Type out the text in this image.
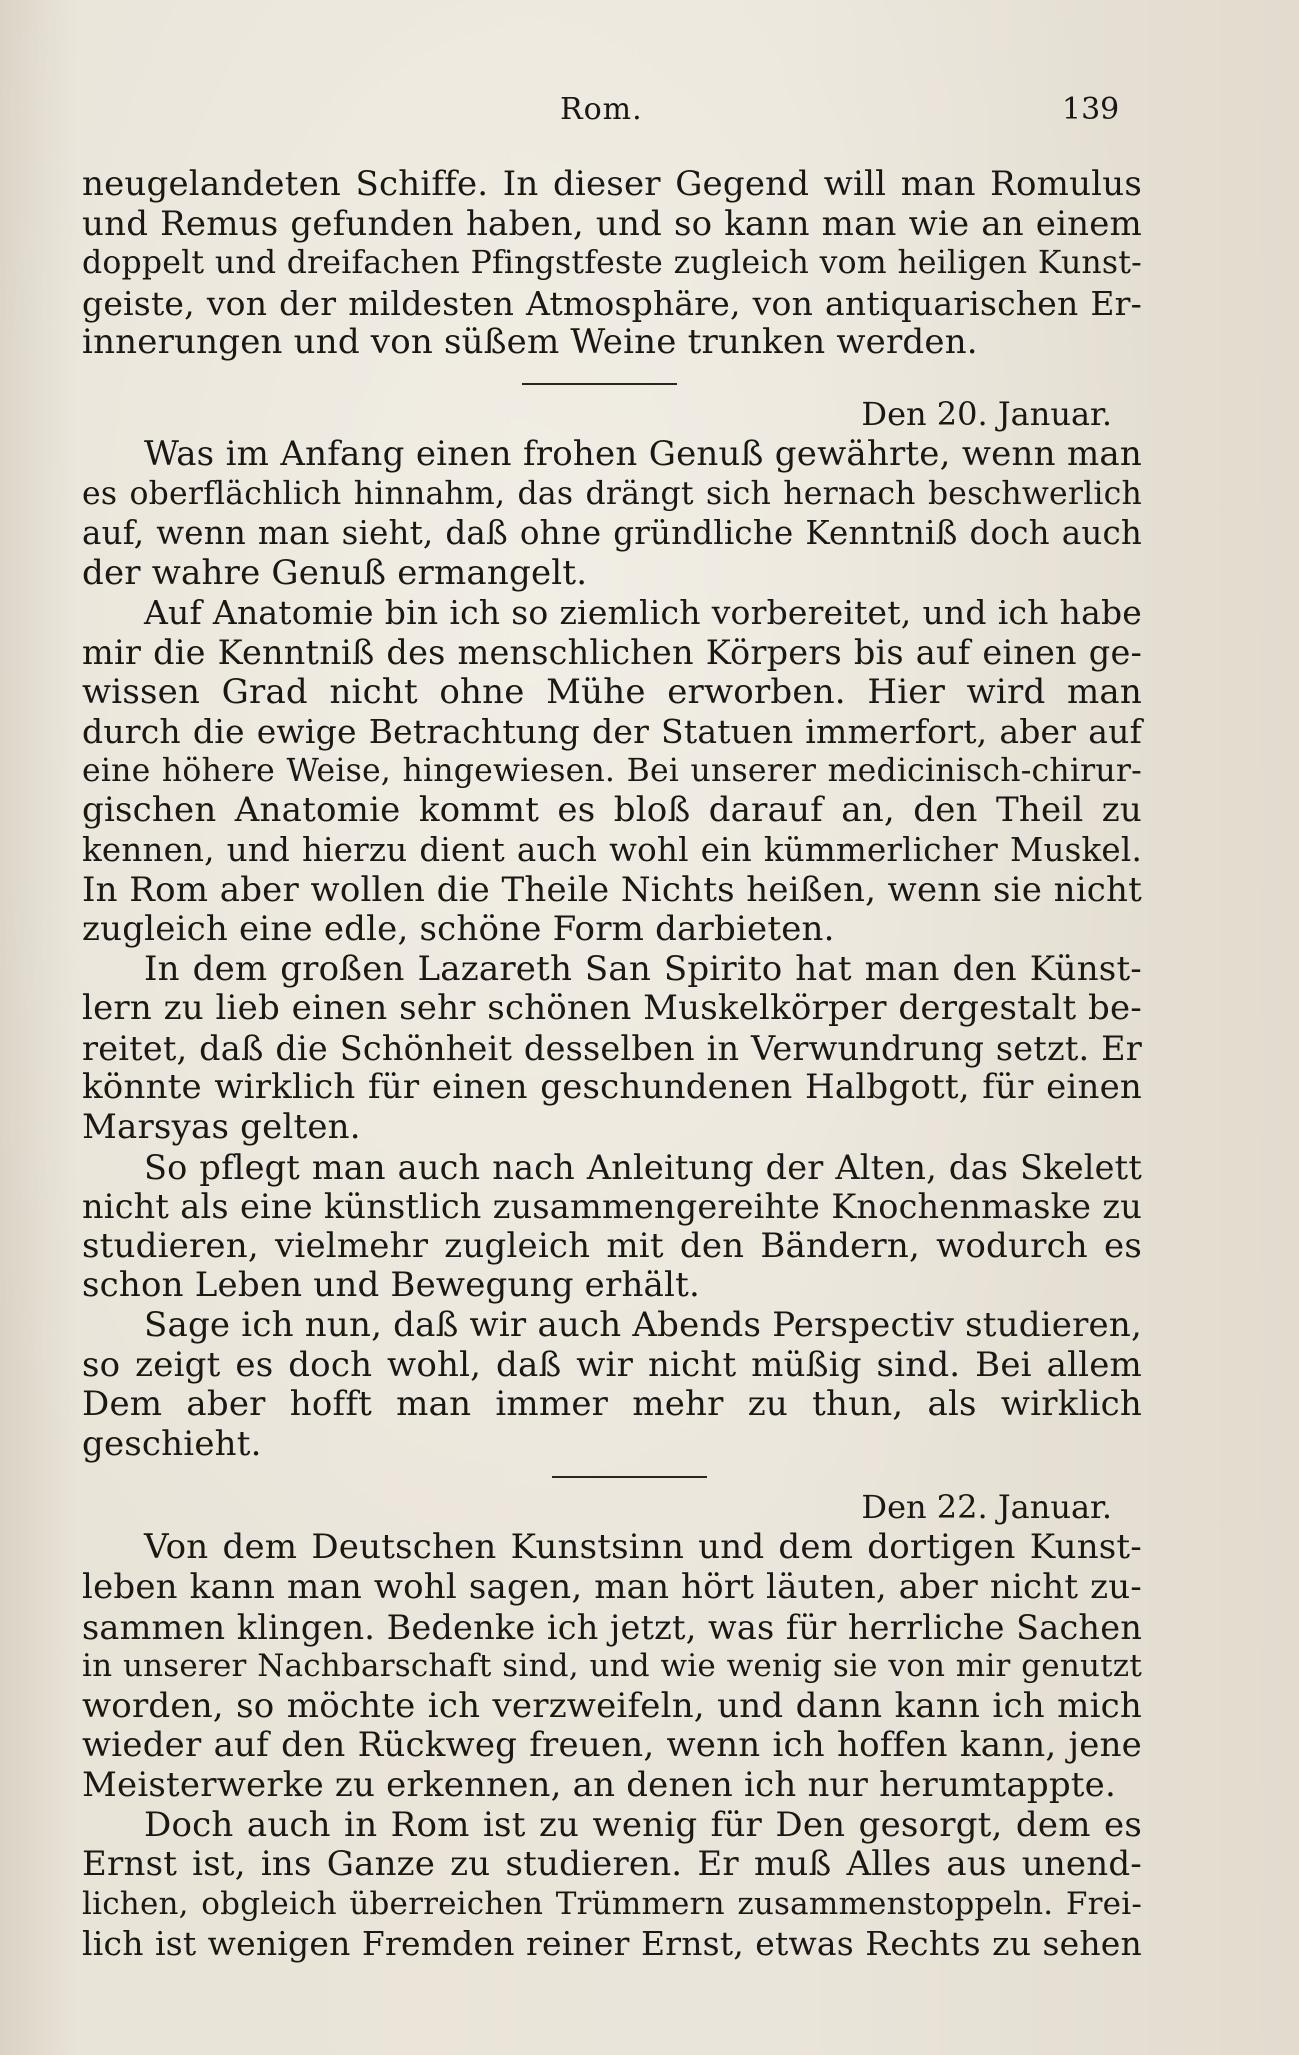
Rom.	139
neugelandeten Schiffe. In dieser Gegend will man Romulus
und Remus gefunden haben, und so kann man wie an einem
doppelt und dreifachen Pfingstfeste zugleich vom heiligen Kunst-
geiste, von der mildesten Atmosphäre, von antiquarischen Er-
innerungen und von süßem Weine trunken werden.
Den 20. Januar.
Was im Anfang einen frohen Genuß gewährte, wenn man
es oberflächlich hinnahm, das drängt sich hernach beschwerlich
auf, wenn man sieht, daß ohne gründliche Kenntniß doch auch
der wahre Genuß ermangelt.
Auf Anatomie bin ich so ziemlich vorbereitet, und ich habe
mir die Kenntniß des menschlichen Körpers bis auf einen ge-
wissen Grad nicht ohne Mühe erworben. Hier wird man
durch die ewige Betrachtung der Statuen immerfort, aber auf
eine höhere Weise, hingewiesen. Bei unserer medicinisch-chirur-
gischen Anatomie kommt es bloß darauf an, den Theil zu
kennen, und hierzu dient auch wohl ein kümmerlicher Muskel.
In Rom aber wollen die Theile Nichts heißen, wenn sie nicht
zugleich eine edle, schöne Form darbieten.
In dem großen Lazareth San Spirito hat man den Künst-
lern zu lieb einen sehr schönen Muskelkörper dergestalt be-
reitet, daß die Schönheit desselben in Verwundrung setzt. Er
könnte wirklich für einen geschundenen Halbgott, für einen
Marsyas gelten.
So pflegt man auch nach Anleitung der Alten, das Skelett
nicht als eine künstlich zusammengereihte Knochenmaske zu
studieren, vielmehr zugleich mit den Bändern, wodurch es
schon Leben und Bewegung erhält.
Sage ich nun, daß wir auch Abends Perspectiv studieren,
so zeigt es doch wohl, daß wir nicht müßig sind. Bei allem
Dem aber hofft man immer mehr zu thun, als wirklich
geschieht.
Den 22. Januar.
Von dem Deutschen Kunstsinn und dem dortigen Kunst-
leben kann man wohl sagen, man hört läuten, aber nicht zu-
sammen klingen. Bedenke ich jetzt, was für herrliche Sachen
in unserer Nachbarschaft sind, und wie wenig sie von mir genutzt
worden, so möchte ich verzweifeln, und dann kann ich mich
wieder auf den Rückweg freuen, wenn ich hoffen kann, jene
Meisterwerke zu erkennen, an denen ich nur herumtappte.
Doch auch in Rom ist zu wenig für Den gesorgt, dem es
Ernst ist, ins Ganze zu studieren. Er muß Alles aus unend-
lichen, obgleich überreichen Trümmern zusammenstoppeln. Frei-
lich ist wenigen Fremden reiner Ernst, etwas Rechts zu sehen
